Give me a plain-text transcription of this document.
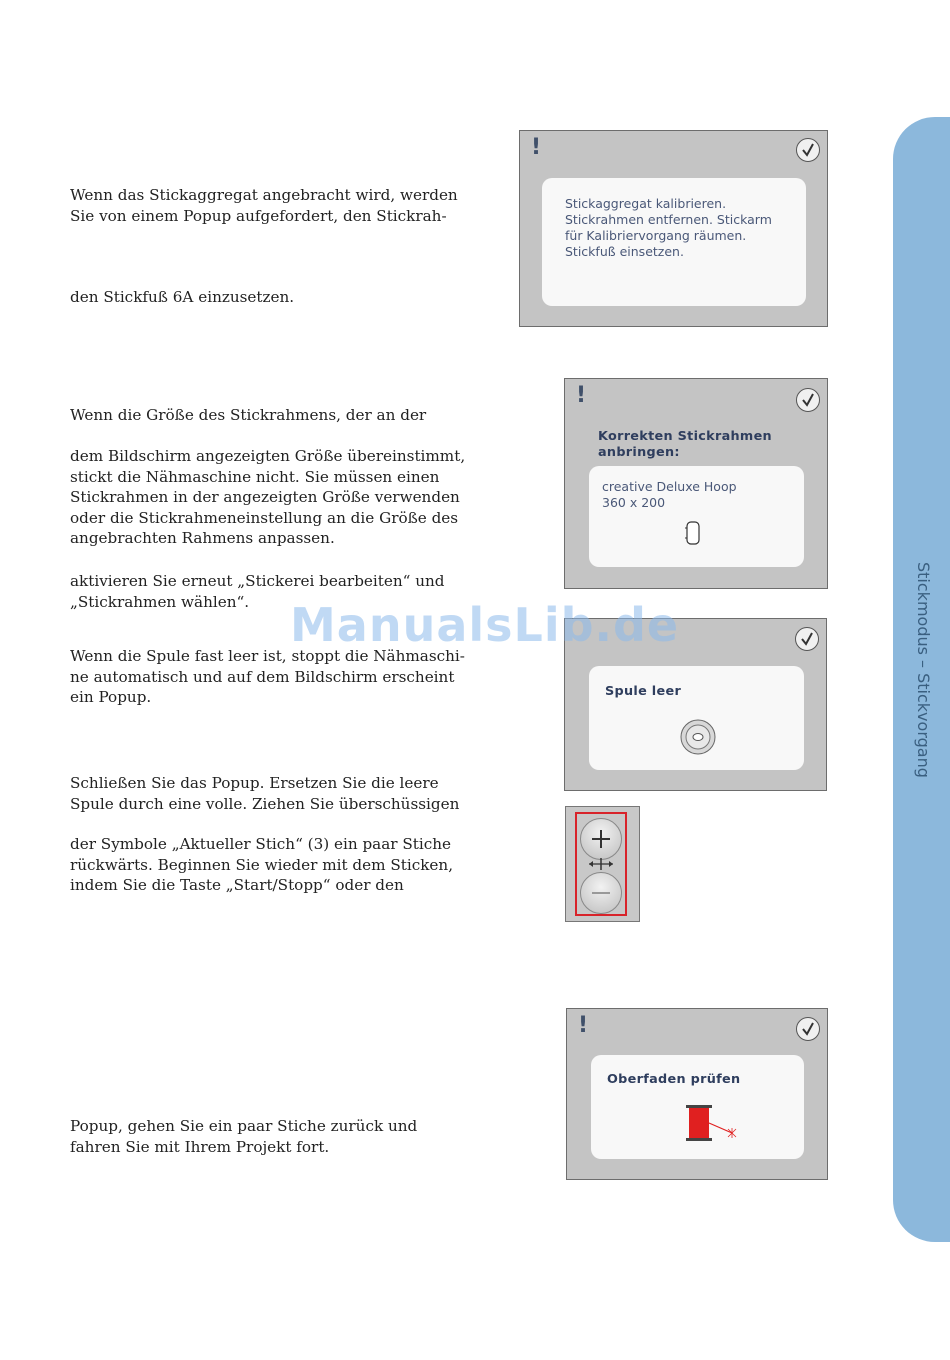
Stickmodus – Stickvorgang

Wenn das Stickaggregat angebracht wird, werden
Sie von einem Popup aufgefordert, den Stickrah-

den Stickfuß 6A einzusetzen.

Wenn die Größe des Stickrahmens, der an der

dem Bildschirm angezeigten Größe übereinstimmt,
stickt die Nähmaschine nicht. Sie müssen einen
Stickrahmen in der angezeigten Größe verwenden
oder die Stickrahmeneinstellung an die Größe des
angebrachten Rahmens anpassen.

aktivieren Sie erneut „Stickerei bearbeiten“ und
„Stickrahmen wählen“.

Wenn die Spule fast leer ist, stoppt die Nähmaschi-
ne automatisch und auf dem Bildschirm erscheint
ein Popup.

Schließen Sie das Popup. Ersetzen Sie die leere
Spule durch eine volle. Ziehen Sie überschüssigen

der Symbole „Aktueller Stich“ (3) ein paar Stiche
rückwärts. Beginnen Sie wieder mit dem Sticken,
indem Sie die Taste „Start/Stopp“ oder den

Popup, gehen Sie ein paar Stiche zurück und
fahren Sie mit Ihrem Projekt fort.

!
Stickaggregat kalibrieren.
Stickrahmen entfernen. Stickarm
für Kalibriervorgang räumen.
Stickfuß einsetzen.
!
Korrekten Stickrahmen
anbringen:
creative Deluxe Hoop
360 x 200
Spule leer
!
Oberfaden prüfen
ManualsLib.de
